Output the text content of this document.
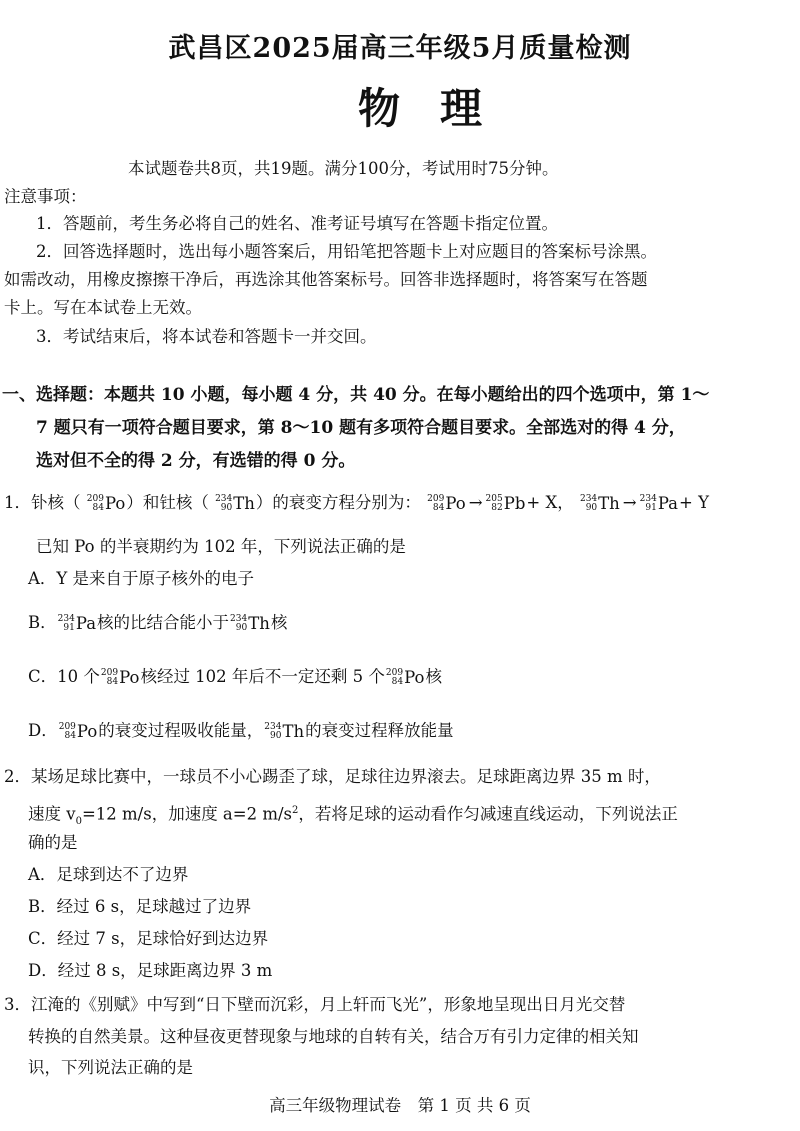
武昌区2025届高三年级5月质量检测
物理
本试题卷共8页，共19题。满分100分，考试用时75分钟。
注意事项：
1．答题前，考生务必将自己的姓名、准考证号填写在答题卡指定位置。
2．回答选择题时，选出每小题答案后，用铅笔把答题卡上对应题目的答案标号涂黑。
如需改动，用橡皮擦擦干净后，再选涂其他答案标号。回答非选择题时，将答案写在答题
卡上。写在本试卷上无效。
3．考试结束后，将本试卷和答题卡一并交回。
一、选择题：本题共 10 小题，每小题 4 分，共 40 分。在每小题给出的四个选项中，第 1～
7 题只有一项符合题目要求，第 8～10 题有多项符合题目要求。全部选对的得 4 分，
选对但不全的得 2 分，有选错的得 0 分。
1．钋核（ 209
84 Po）和钍核（ 234
90 Th）的衰变方程分别为： 209
84 Po → 205
82 Pb+ X， 234
90 Th → 234
91 Pa+ Y
已知 Po 的半衰期约为 102 年，下列说法正确的是
A．Y 是来自于原子核外的电子
B． 234
91 Pa核的比结合能小于 234
90 Th核
C．10 个 209
84 Po核经过 102 年后不一定还剩 5 个 209
84 Po核
D． 209
84 Po的衰变过程吸收能量， 234
90 Th的衰变过程释放能量
2．某场足球比赛中，一球员不小心踢歪了球，足球往边界滚去。足球距离边界 35 m 时，
速度 $v_0=12$ m/s，加速度 a=2 $m/s^2$，若将足球的运动看作匀减速直线运动，下列说法正
确的是
A．足球到达不了边界
B．经过 6 s，足球越过了边界
C．经过 7 s，足球恰好到达边界
D．经过 8 s，足球距离边界 3 m
3．江淹的《别赋》中写到“日下壁而沉彩，月上轩而飞光”，形象地呈现出日月光交替
转换的自然美景。这种昼夜更替现象与地球的自转有关，结合万有引力定律的相关知
识，下列说法正确的是
高三年级物理试卷　第 1 页 共 6 页
